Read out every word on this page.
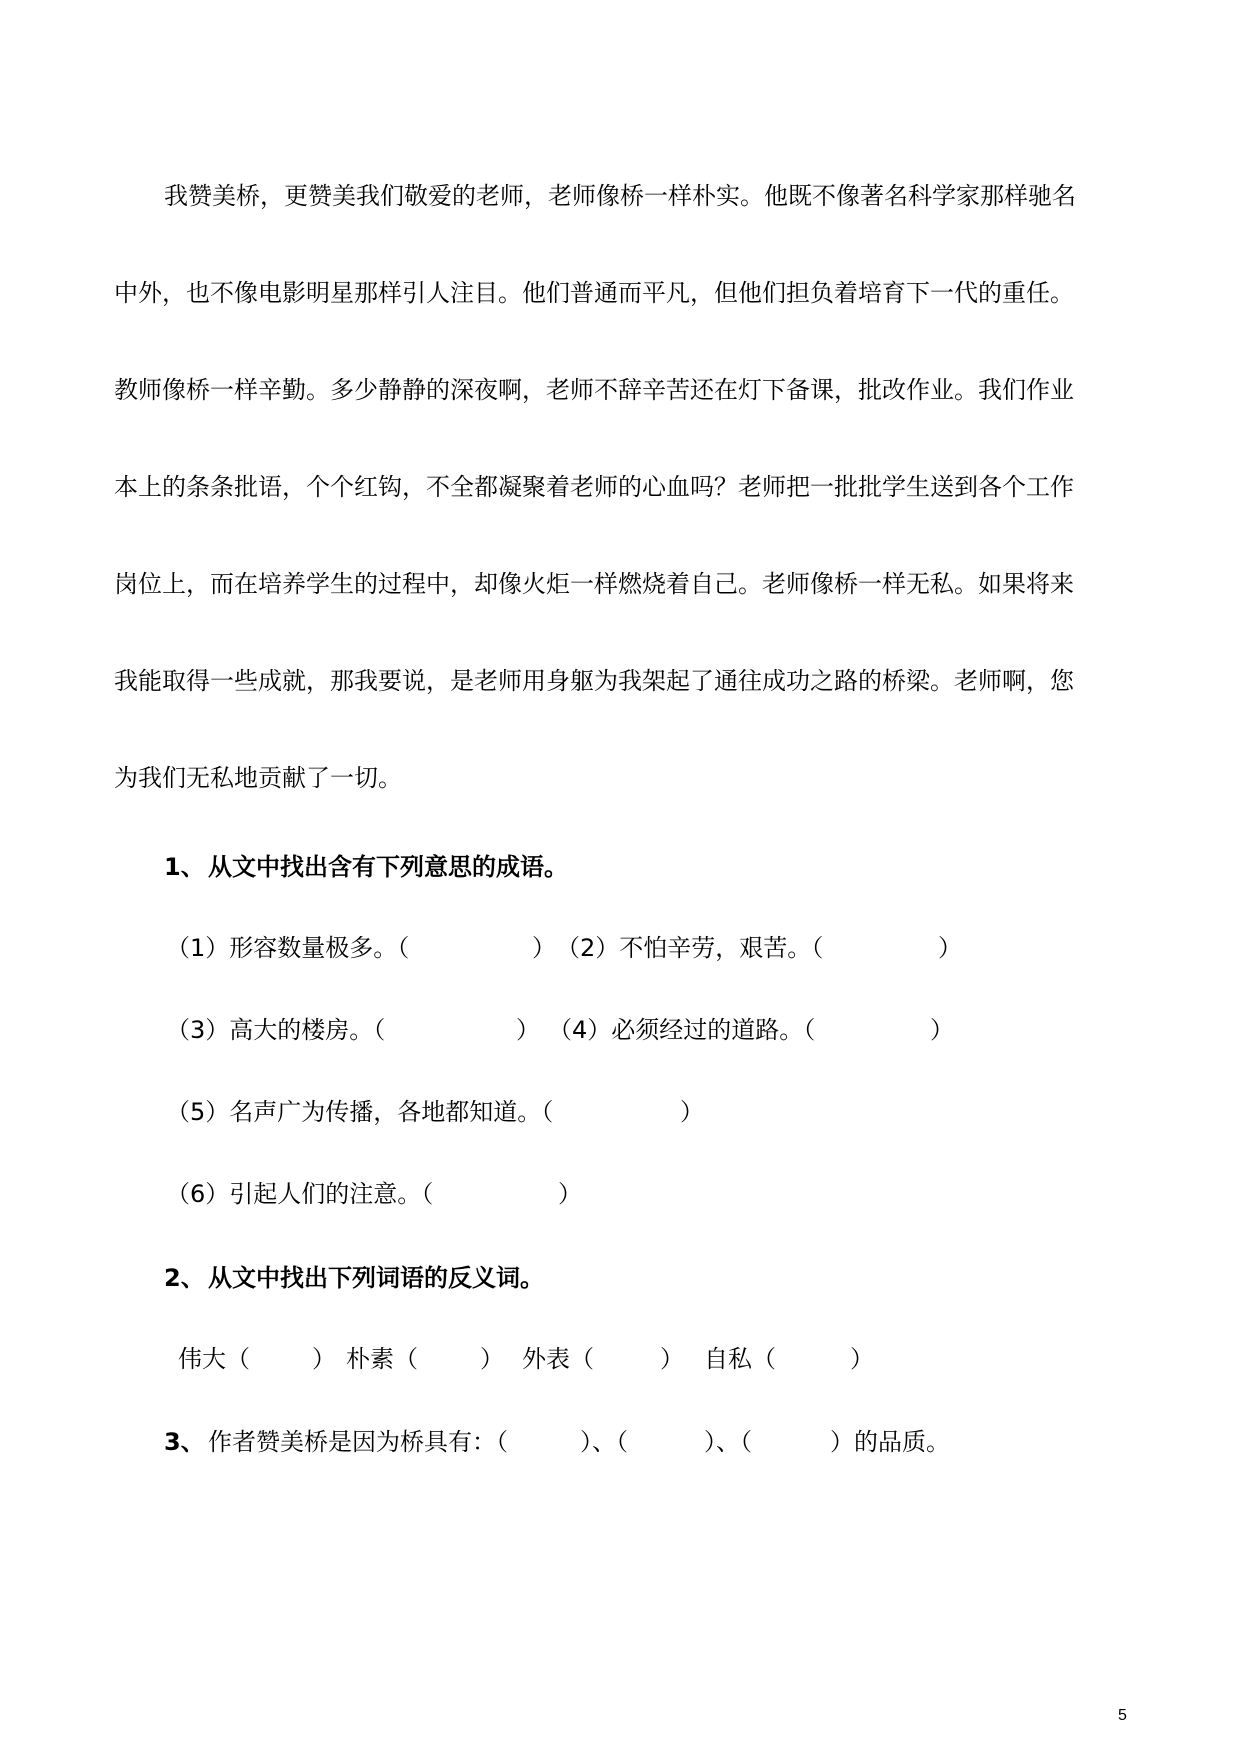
我赞美桥，更赞美我们敬爱的老师，老师像桥一样朴实。他既不像著名科学家那样驰名
中外，也不像电影明星那样引人注目。他们普通而平凡，但他们担负着培育下一代的重任。
教师像桥一样辛勤。多少静静的深夜啊，老师不辞辛苦还在灯下备课，批改作业。我们作业
本上的条条批语，个个红钩，不全都凝聚着老师的心血吗？老师把一批批学生送到各个工作
岗位上，而在培养学生的过程中，却像火炬一样燃烧着自己。老师像桥一样无私。如果将来
我能取得一些成就，那我要说，是老师用身躯为我架起了通往成功之路的桥梁。老师啊，您
为我们无私地贡献了一切。
1、 从文中找出含有下列意思的成语。
（1）形容数量极多。（	） （2）不怕辛劳，艰苦。（	）
（3）高大的楼房。（	） （4）必须经过的道路。（	）
（5）名声广为传播，各地都知道。（	）
（6）引起人们的注意。（	）
2、 从文中找出下列词语的反义词。
伟大（	） 朴素（	） 外表（	） 自私（	）
3、 作者赞美桥是因为桥具有：（	）、（	）、（	）的品质。
5
